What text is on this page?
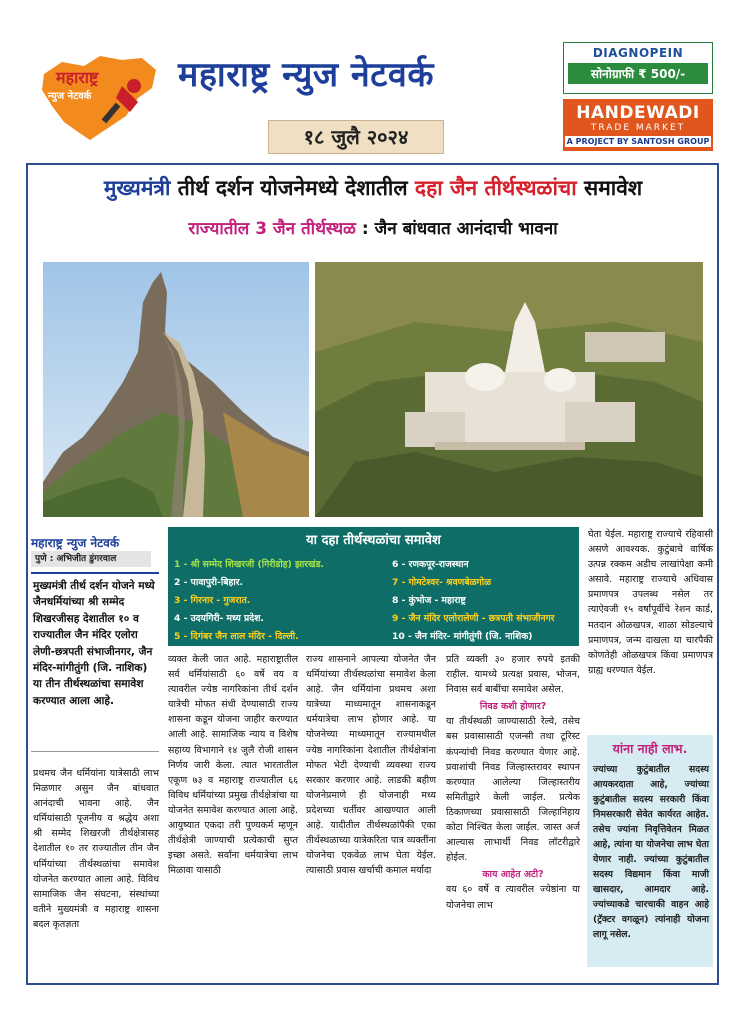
महाराष्ट्र
न्युज नेटवर्क
महाराष्ट्र न्युज नेटवर्क
१८ जुलै २०२४
DIAGNOPEIN
सोनोग्राफी ₹ 500/-
HANDEWADI
TRADE MARKET
A PROJECT BY SANTOSH GROUP
मुख्यमंत्री तीर्थ दर्शन योजनेमध्ये देशातील दहा जैन तीर्थस्थळांचा समावेश
राज्यातील 3 जैन तीर्थस्थळ : जैन बांधवात आनंदाची भावना
महाराष्ट्र न्युज नेटवर्क
पुणे : अभिजीत डुंगरवाल
मुख्यमंत्री तीर्थ दर्शन योजने मध्ये जैनधर्मियांच्या श्री सम्मेद शिखरजीसह देशातील १० व राज्यातील जैन मंदिर एलोरा लेणी-छत्रपती संभाजीनगर, जैन मंदिर-मांगीतुंगी (जि. नाशिक) या तीन तीर्थस्थळांचा समावेश करण्यात आला आहे.
प्रथमच जैन धर्मियांना यात्रेसाठी लाभ मिळणार असुन जैन बांधवात आनंदाची भावना आहे. जैन धर्मियांसाठी पूजनीय व श्रद्धेय अशा श्री सम्मेद शिखरजी तीर्थक्षेत्रासह देशातील १० तर राज्यातील तीन जैन धर्मियांच्या तीर्थस्थळांचा समावेश योजनेत करण्यात आला आहे. विविध सामाजिक जैन संघटना, संस्थांच्या वतीने मुख्यमंत्री व महाराष्ट्र शासना बदल कृतज्ञता
या दहा तीर्थस्थळांचा समावेश
1 - श्री सम्मेद शिखरजी (गिरीडोह) झारखंड.
2 - पावापुरी-बिहार.
3 - गिरनार - गुजरात.
4 - उदयगिरी- मध्य प्रदेश.
5 - दिगंबर जैन लाल मंदिर - दिल्ली.
6 - रणकपूर-राजस्थान
7 - गोमटेश्वर- श्रवणबेळगोळ
8 - कुंभोज - महाराष्ट्र
9 - जैन मंदिर एलोरालेणी - छत्रपती संभाजीनगर
10 - जैन मंदिर- मांगीतुंगी (जि. नाशिक)
व्यक्त केली जात आहे. महाराष्ट्रातील सर्व धर्मियांसाठी ६० वर्षे वय व त्यावरील ज्येष्ठ नागरिकांना तीर्थ दर्शन यात्रेची मोफत संधी देण्यासाठी राज्य शासना कडून योजना जाहीर करण्यात आली आहे. सामाजिक न्याय व विशेष सहाय्य विभागाने १४ जुलै रोजी शासन निर्णय जारी केला. त्यात भारतातील एकूण ७३ व महाराष्ट्र राज्यातील ६६ विविध धर्मियांच्या प्रमुख तीर्थक्षेत्रांचा या योजनेत समावेश करण्यात आला आहे. आयुष्यात एकदा तरी पुण्यकर्म म्हणून तीर्थक्षेत्री जाण्याची प्रत्येकाची सुप्त इच्छा असते. सर्वांना धर्मयात्रेचा लाभ मिळावा यासाठी
राज्य शासनाने आपल्या योजनेत जैन धर्मियांच्या तीर्थस्थळांचा समावेश केला आहे. जैन धर्मियांना प्रथमच अशा यात्रेच्या माध्यमातून शासनाकडून धर्मयात्रेचा लाभ होणार आहे. या योजनेच्या माध्यमातून राज्यामधील ज्येष्ठ नागरिकांना देशातील तीर्थक्षेत्रांना मोफत भेटी देण्याची व्यवस्था राज्य सरकार करणार आहे. लाडकी बहीण योजनेप्रमाणे ही योजनाही मध्य प्रदेशच्या धर्तीवर आखण्यात आली आहे. यादीतील तीर्थस्थळांपैकी एका तीर्थस्थळाच्या यात्रेकरिता पात्र व्यक्तींना योजनेचा एकवेळ लाभ घेता येईल. त्यासाठी प्रवास खर्चाची कमाल मर्यादा
प्रति व्यक्ती ३० हजार रुपये इतकी राहील. यामध्ये प्रत्यक्ष प्रवास, भोजन, निवास सर्व बाबींचा समावेश असेल.
निवड कशी होणार?
या तीर्थस्थळी जाण्यासाठी रेल्वे, तसेच बस प्रवासासाठी एजन्सी तथा टूरिस्ट कंपन्यांची निवड करण्यात येणार आहे. प्रवाशांची निवड जिल्हास्तरावर स्थापन करण्यात आलेल्या जिल्हास्तरीय समितीद्वारे केली जाईल. प्रत्येक ठिकाणच्या प्रवासासाठी जिल्हानिहाय कोटा निश्चित केला जाईल. जास्त अर्ज आल्यास लाभार्थी निवड लॉटरीद्वारे होईल.
काय आहेत अटी?
वय ६० वर्षे व त्यावरील ज्येष्ठांना या योजनेचा लाभ
घेता येईल. महाराष्ट्र राज्याचे रहिवासी असणे आवश्यक. कुटुंबाचे वार्षिक उत्पन्न रक्कम अडीच लाखांपेक्षा कमी असावे. महाराष्ट्र राज्याचे अधिवास प्रमाणपत्र उपलब्ध नसेल तर त्याऐवजी १५ वर्षांपूर्वीचे रेशन कार्ड, मतदान ओळखपत्र, शाळा सोडल्याचे प्रमाणपत्र, जन्म दाखला या चारपैकी कोणतेही ओळखपत्र किंवा प्रमाणपत्र ग्राह्य धरण्यात येईल.
यांना नाही लाभ.
ज्यांच्या कुटुंबातील सदस्य आयकरदाता आहे, ज्यांच्या कुटुंबातील सदस्य सरकारी किंवा निमसरकारी सेवेत कार्यरत आहेत. तसेच ज्यांना निवृत्तिवेतन मिळत आहे, त्यांना या योजनेचा लाभ घेता येणार नाही. ज्यांच्या कुटुंबातील सदस्य विद्यमान किंवा माजी खासदार, आमदार आहे. ज्यांच्याकडे चारचाकी वाहन आहे (ट्रॅक्टर वगळून) त्यांनाही योजना लागू नसेल.
